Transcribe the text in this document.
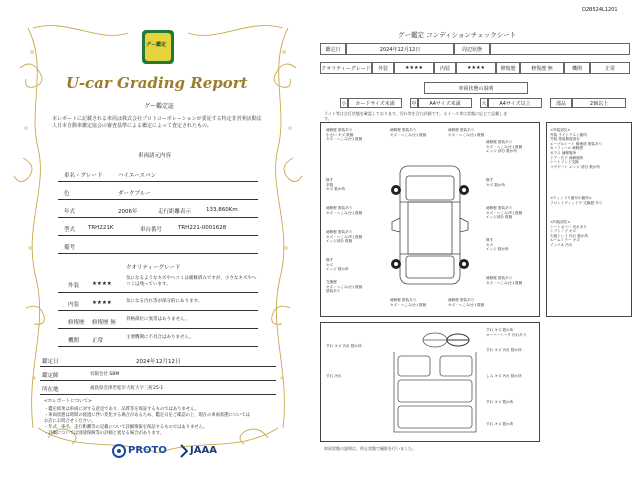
グー鑑定
U-car Grading Report
グー鑑定証
本レポートに記載される車両は株式会社プロトコーポレーションが委託する特定非営利活動法人日本自動車鑑定協会の審査基準による鑑定によって査定されたもの。
車両諸元内容
車名・グレード	ハイエースバン
色	ダークブルー
年式	2006年	走行距離表示	133,860Km
型式 TRH221K	車台番号	TRH221-0001628
備考
クオリティーグレード
外装 ★★★★
気になるようなキズやヘコミは補修済みですが、小さなキズやヘコミは残っています。
内装 ★★★★	気になる汚れ等が部分的にあります。
修復歴 修復歴 無
骨格部位に異常はありません。
機関 正常
主要機関に不具合はありません。
鑑定日	2024年12月12日
鑑定師	有限会社 SBM
所在地	福島県会津若松市大町大字三町25-1
<ホレポートについて>
・鑑定結果は車両に対する意見であり、品質等を保証するものではありません。
・車両状態は時間の経過に伴い変化する場合があるため、鑑定日をご確認の上、現在の車両状態についてはお店にお問合せください。
・年式、車名、走行距離等の記載について詳細情報を保証するものではありません。
・評価については別途保険等の評価と異なる場合があります。
PROTO JAAA
D2B524L1201
グー鑑定 コンディションチェックシート
鑑定日	2024年12月12日	周辺状態
クオリティーグレード 外装	★★★★	内装	★★★★	修復歴	修復歴 無	機関	正常
車両状態の説明
小 カードサイズ未満	中	A4サイズ未満	大	A4サイズ以上	部品	2個以上
ライト等は点灯状態を確認しております。汚れ等を含む評価です。ホイール等は状態に応じて記載します。
補修歴 塗装あり
小さい キズ 数個
キズ・へこみ(小) 数個
無す
多数
キズ 数か所
補修歴 塗装あり
キズ・へこみ(小) 数個
補修歴 塗装あり
キズ・へこみ(中) 数個
エッジ部分 数個
無す
キズ
エッジ 数か所
交換歴
キズ・へこみ(小) 数個
塗装あり
補修歴 塗装あり
キズ・へこみ(小) 数個
補修歴 塗装あり
キズ・へこみ(小) 数個
補修歴 塗装あり
キズ・へこみ(小) 数個
エッジ 部分 数か所
無す
キズ 数か所
補修歴 塗装あり
キズ・へこみ(中) 数個
エッジ部分 数個
無す
キズ
エッジ 数か所
補修歴 塗装あり
キズ・へこみ(小) 数個
補修歴 塗装あり
キズ・へこみ(小) 数個
補修歴 塗装あり
キズ・へこみ(小) 数個
<外装部位>
外装 ライトテスト箇所
外装 塗装修復部分
エーブルシート 修理済 塗装あり
カーフィール 補修歴
ガラス 補修箇所
ドア・右下 補修箇所
シートリンド交換
リヤゲート エッジ 部分 数か所
<ウィンドウ番号の箇所>
フロントウィンドウ 交換歴 あり
<内装部位>
シートカバー 汚れあり
シフトノブ キズ
天板トレイ 汚れ 数か所
ルームミラー キズ
インパネ 汚れ
すれ キズ 汚れ 数か所
すれ キズ 数か所
オーバーシーク 汚れあり
すれ キズ 汚れ 数か所
すれ 汚れ	しみ キズ 汚れ 数か所
すれ キズ 数か所
すれ キズ 数か所
車両状態の説明は、停止状態で撮影を行いました。
